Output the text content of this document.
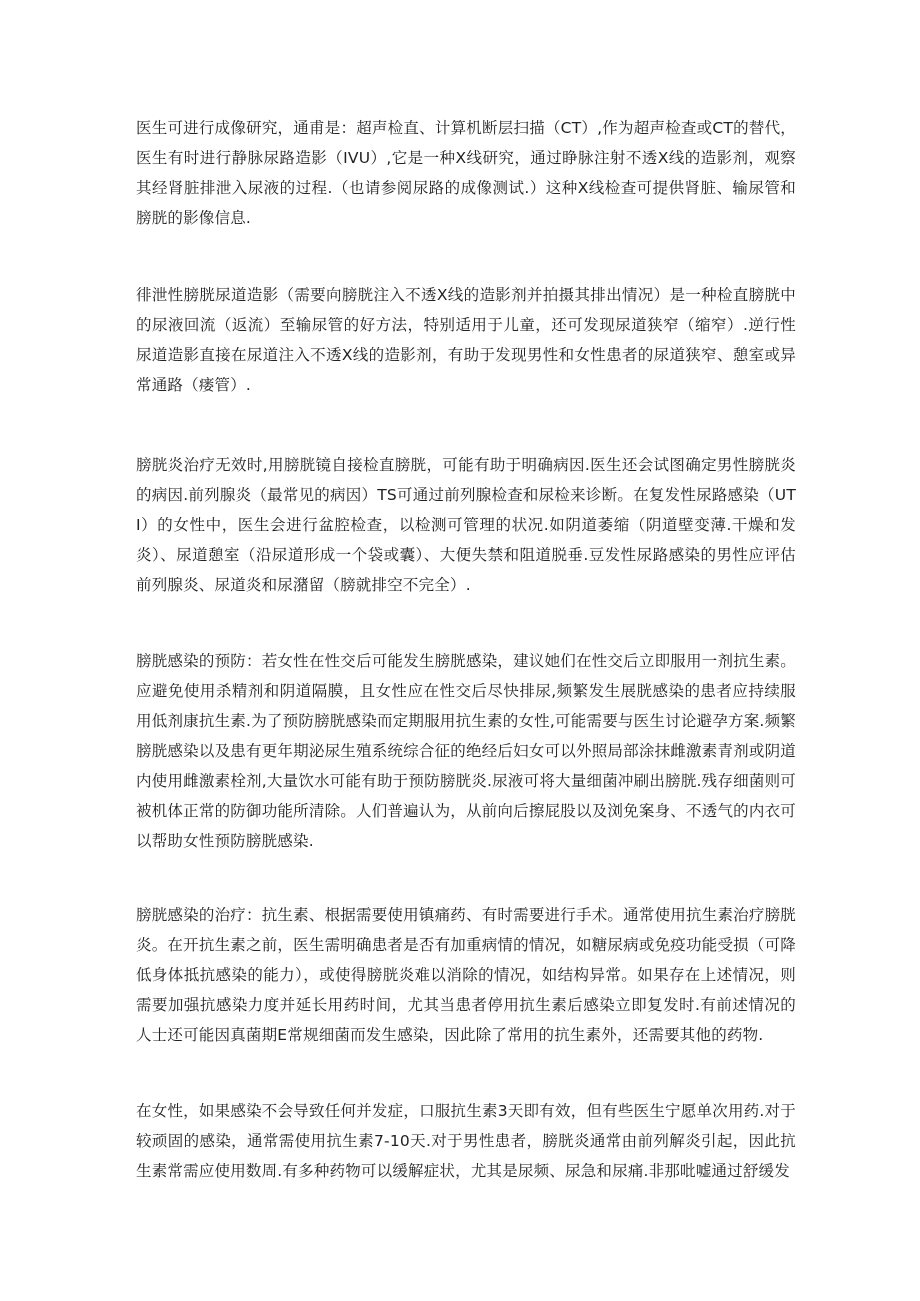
医生可进行成像研究，通甫是：超声检直、计算机断层扫描（CT）,作为超声检查或CT的替代，医生有时进行静脉尿路造影（IVU）,它是一种X线研究，通过睁脉注射不透X线的造影剂，观察其经肾脏排泄入尿液的过程.（也请参阅尿路的成像测试.）这种X线检查可提供肾脏、输尿管和膀胱的影像信息.

徘泄性膀胱尿道造影（需要向膀胱注入不透X线的造影剂并拍摄其排出情况）是一种检直膀胱中的尿液回流（返流）至输尿管的好方法，特别适用于儿童，还可发现尿道狭窄（缩窄）.逆行性尿道造影直接在尿道注入不透X线的造影剂，有助于发现男性和女性患者的尿道狭窄、憩室或异常通路（瘘管）.

膀胱炎治疗无效时,用膀胱镜自接检直膀胱，可能有助于明确病因.医生还会试图确定男性膀胱炎的病因.前列腺炎（最常见的病因）TS可通过前列腺检查和尿检来诊断。在复发性尿路感染（UTI）的女性中，医生会进行盆腔检查，以检测可管理的状况.如阴道萎缩（阴道壁变薄.干燥和发炎）、尿道憩室（沿尿道形成一个袋或囊）、大便失禁和阻道脱垂.豆发性尿路感染的男性应评估前列腺炎、尿道炎和尿潴留（膀就排空不完全）.

膀胱感染的预防：若女性在性交后可能发生膀胱感染，建议她们在性交后立即服用一剂抗生素。应避免使用杀精剂和阴道隔膜，且女性应在性交后尽快排尿,频繁发生展胱感染的患者应持续服用低剂康抗生素.为了预防膀胱感染而定期服用抗生素的女性,可能需要与医生讨论避孕方案.频繁膀胱感染以及患有更年期泌尿生殖系统综合征的绝经后妇女可以外照局部涂抹雌激素青剂或阴道内使用雌激素栓剂,大量饮水可能有助于预防膀胱炎.尿液可将大量细菌冲刷出膀胱.残存细菌则可被机体正常的防御功能所清除。人们普遍认为，从前向后擦屁股以及浏免案身、不透气的内衣可以帮助女性预防膀胱感染.

膀胱感染的治疗：抗生素、根据需要使用镇痛药、有时需要进行手术。通常使用抗生素治疗膀胱炎。在开抗生素之前，医生需明确患者是否有加重病情的情况，如糖尿病或免疫功能受损（可降低身体抵抗感染的能力），或使得膀胱炎难以消除的情况，如结构异常。如果存在上述情况，则需要加强抗感染力度并延长用药时间，尤其当患者停用抗生素后感染立即复发时.有前述情况的人士还可能因真菌期E常规细菌而发生感染，因此除了常用的抗生素外，还需要其他的药物.

在女性，如果感染不会导致任何并发症，口服抗生素3天即有效，但有些医生宁愿单次用药.对于较顽固的感染，通常需使用抗生素7-10天.对于男性患者，膀胱炎通常由前列解炎引起，因此抗生素常需应使用数周.有多种药物可以缓解症状，尤其是尿频、尿急和尿痛.非那吡嘘通过舒缓发
